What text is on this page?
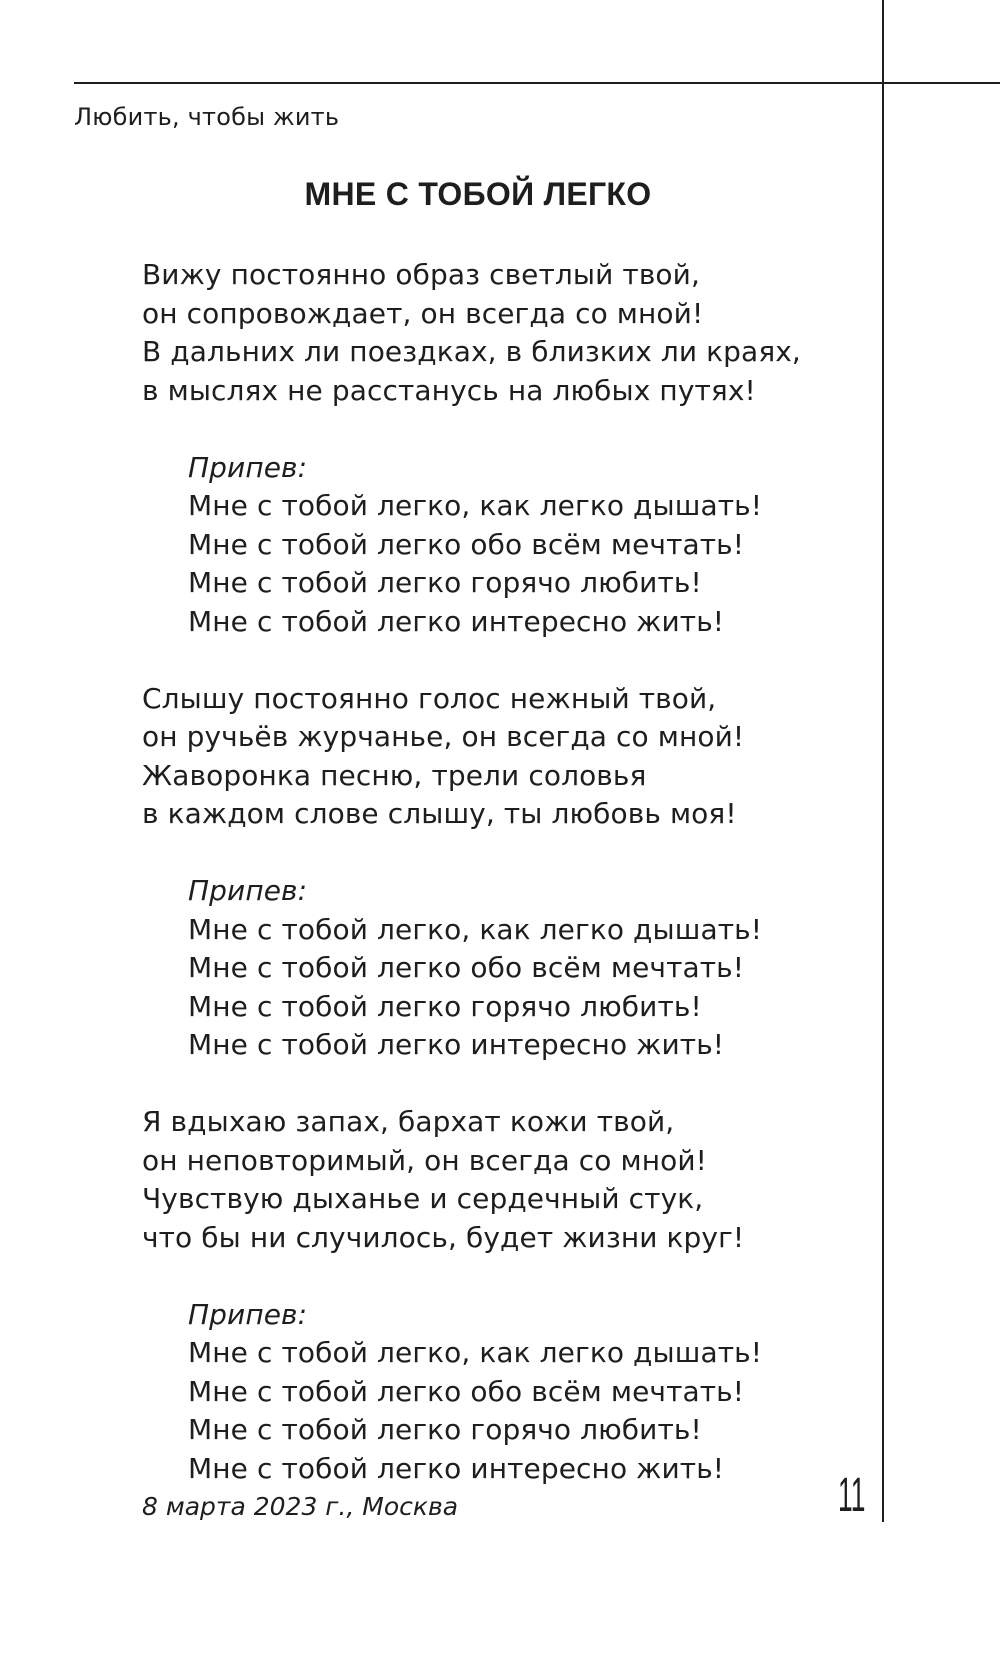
Любить, чтобы жить
МНЕ С ТОБОЙ ЛЕГКО
Вижу постоянно образ светлый твой,
он сопровождает, он всегда со мной!
В дальних ли поездках, в близких ли краях,
в мыслях не расстанусь на любых путях!
Припев:
Мне с тобой легко, как легко дышать!
Мне с тобой легко обо всём мечтать!
Мне с тобой легко горячо любить!
Мне с тобой легко интересно жить!
Слышу постоянно голос нежный твой,
он ручьёв журчанье, он всегда со мной!
Жаворонка песню, трели соловья
в каждом слове слышу, ты любовь моя!
Припев:
Мне с тобой легко, как легко дышать!
Мне с тобой легко обо всём мечтать!
Мне с тобой легко горячо любить!
Мне с тобой легко интересно жить!
Я вдыхаю запах, бархат кожи твой,
он неповторимый, он всегда со мной!
Чувствую дыханье и сердечный стук,
что бы ни случилось, будет жизни круг!
Припев:
Мне с тобой легко, как легко дышать!
Мне с тобой легко обо всём мечтать!
Мне с тобой легко горячо любить!
Мне с тобой легко интересно жить!
8 марта 2023 г., Москва	11
